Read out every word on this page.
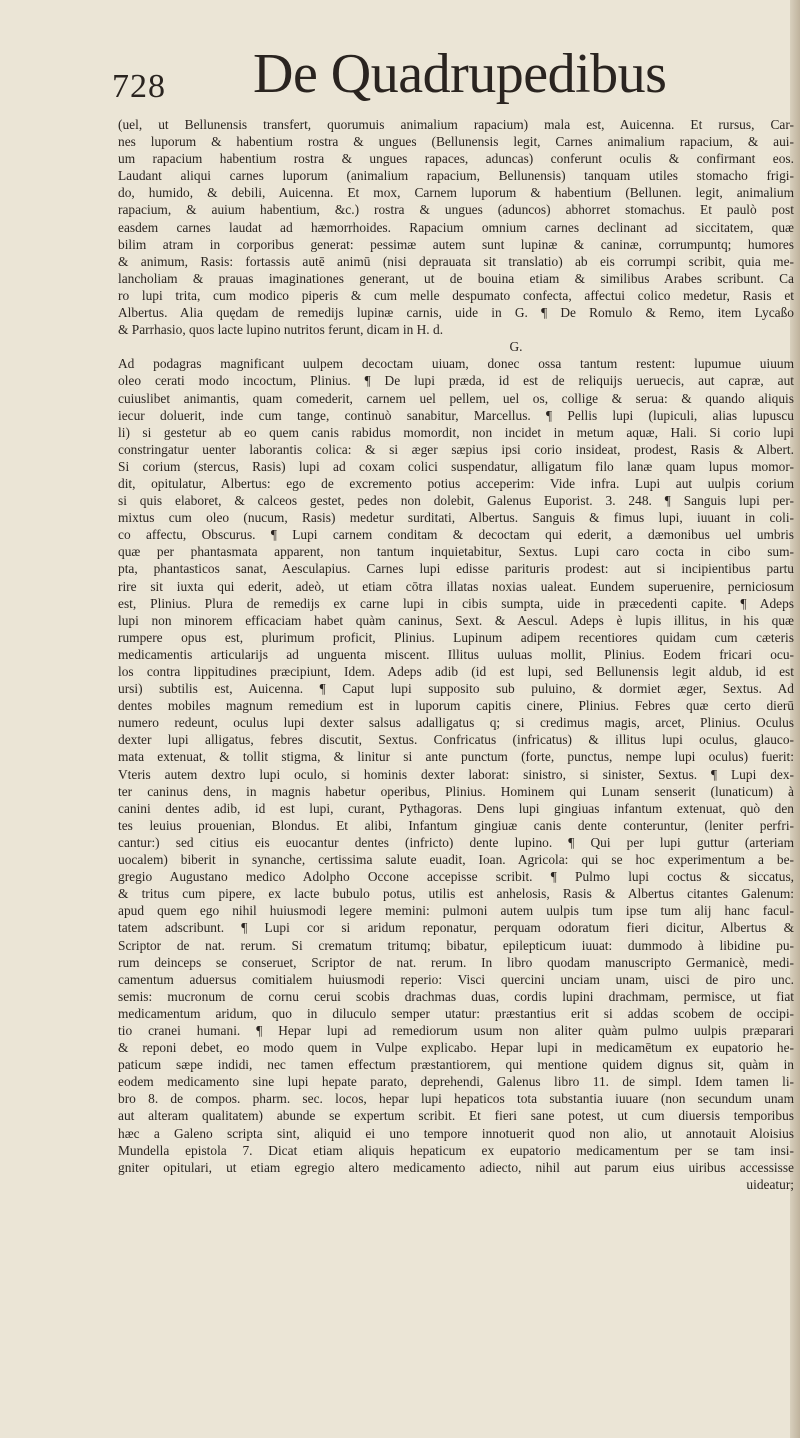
728 De Quadrupedibus
(uel, ut Bellunensis transfert, quorumuis animalium rapacium) mala est, Auicenna. Et rursus, Car-
nes luporum & habentium rostra & ungues (Bellunensis legit, Carnes animalium rapacium, & aui-
um rapacium habentium rostra & ungues rapaces, aduncas) conferunt oculis & confirmant eos.
Laudant aliqui carnes luporum (animalium rapacium, Bellunensis) tanquam utiles stomacho frigi-
do, humido, & debili, Auicenna. Et mox, Carnem luporum & habentium (Bellunen. legit, animalium
rapacium, & auium habentium, &c.) rostra & ungues (aduncos) abhorret stomachus. Et paulò post
easdem carnes laudat ad hæmorrhoides. Rapacium omnium carnes declinant ad siccitatem, quæ
bilim atram in corporibus generat: pessimæ autem sunt lupinæ & caninæ, corrumpuntq; humores
& animum, Rasis: fortassis autē animū (nisi deprauata sit translatio) ab eis corrumpi scribit, quia me-
lancholiam & prauas imaginationes generant, ut de bouina etiam & similibus Arabes scribunt. Ca
ro lupi trita, cum modico piperis & cum melle despumato confecta, affectui colico medetur, Rasis et
Albertus. Alia quędam de remedijs lupinæ carnis, uide in G. ¶ De Romulo & Remo, item Lycaßo
& Parrhasio, quos lacte lupino nutritos ferunt, dicam in H. d.
G.
Ad podagras magnificant uulpem decoctam uiuam, donec ossa tantum restent: lupumue uiuum
oleo cerati modo incoctum, Plinius. ¶ De lupi præda, id est de reliquijs ueruecis, aut capræ, aut
cuiuslibet animantis, quam comederit, carnem uel pellem, uel os, collige & serua: & quando aliquis
iecur doluerit, inde cum tange, continuò sanabitur, Marcellus. ¶ Pellis lupi (lupiculi, alias lupuscu
li) si gestetur ab eo quem canis rabidus momordit, non incidet in metum aquæ, Hali. Si corio lupi
constringatur uenter laborantis colica: & si æger sæpius ipsi corio insideat, prodest, Rasis & Albert.
Si corium (stercus, Rasis) lupi ad coxam colici suspendatur, alligatum filo lanæ quam lupus momor-
dit, opitulatur, Albertus: ego de excremento potius acceperim: Vide infra. Lupi aut uulpis corium
si quis elaboret, & calceos gestet, pedes non dolebit, Galenus Euporist. 3. 248. ¶ Sanguis lupi per-
mixtus cum oleo (nucum, Rasis) medetur surditati, Albertus. Sanguis & fimus lupi, iuuant in coli-
co affectu, Obscurus. ¶ Lupi carnem conditam & decoctam qui ederit, a dæmonibus uel umbris
quæ per phantasmata apparent, non tantum inquietabitur, Sextus. Lupi caro cocta in cibo sum-
pta, phantasticos sanat, Aesculapius. Carnes lupi edisse parituris prodest: aut si incipientibus partu
rire sit iuxta qui ederit, adeò, ut etiam cōtra illatas noxias ualeat. Eundem superuenire, perniciosum
est, Plinius. Plura de remedijs ex carne lupi in cibis sumpta, uide in præcedenti capite. ¶ Adeps
lupi non minorem efficaciam habet quàm caninus, Sext. & Aescul. Adeps è lupis illitus, in his quæ
rumpere opus est, plurimum proficit, Plinius. Lupinum adipem recentiores quidam cum cæteris
medicamentis articularijs ad unguenta miscent. Illitus uuluas mollit, Plinius. Eodem fricari ocu-
los contra lippitudines præcipiunt, Idem. Adeps adib (id est lupi, sed Bellunensis legit aldub, id est
ursi) subtilis est, Auicenna. ¶ Caput lupi supposito sub puluino, & dormiet æger, Sextus. Ad
dentes mobiles magnum remedium est in luporum capitis cinere, Plinius. Febres quæ certo dierū
numero redeunt, oculus lupi dexter salsus adalligatus q; si credimus magis, arcet, Plinius. Oculus
dexter lupi alligatus, febres discutit, Sextus. Confricatus (infricatus) & illitus lupi oculus, glauco-
mata extenuat, & tollit stigma, & linitur si ante punctum (forte, punctus, nempe lupi oculus) fuerit:
Vteris autem dextro lupi oculo, si hominis dexter laborat: sinistro, si sinister, Sextus. ¶ Lupi dex-
ter caninus dens, in magnis habetur operibus, Plinius. Hominem qui Lunam senserit (lunaticum) à
canini dentes adib, id est lupi, curant, Pythagoras. Dens lupi gingiuas infantum extenuat, quò den
tes leuius prouenian, Blondus. Et alibi, Infantum gingiuæ canis dente conteruntur, (leniter perfri-
cantur:) sed citius eis euocantur dentes (infricto) dente lupino. ¶ Qui per lupi guttur (arteriam
uocalem) biberit in synanche, certissima salute euadit, Ioan. Agricola: qui se hoc experimentum a be-
gregio Augustano medico Adolpho Occone accepisse scribit. ¶ Pulmo lupi coctus & siccatus,
& tritus cum pipere, ex lacte bubulo potus, utilis est anhelosis, Rasis & Albertus citantes Galenum:
apud quem ego nihil huiusmodi legere memini: pulmoni autem uulpis tum ipse tum alij hanc facul-
tatem adscribunt. ¶ Lupi cor si aridum reponatur, perquam odoratum fieri dicitur, Albertus &
Scriptor de nat. rerum. Si crematum tritumq; bibatur, epilepticum iuuat: dummodo à libidine pu-
rum deinceps se conseruet, Scriptor de nat. rerum. In libro quodam manuscripto Germanicè, medi-
camentum aduersus comitialem huiusmodi reperio: Visci quercini unciam unam, uisci de piro unc.
semis: mucronum de cornu cerui scobis drachmas duas, cordis lupini drachmam, permisce, ut fiat
medicamentum aridum, quo in diluculo semper utatur: præstantius erit si addas scobem de occipi-
tio cranei humani. ¶ Hepar lupi ad remediorum usum non aliter quàm pulmo uulpis præparari
& reponi debet, eo modo quem in Vulpe explicabo. Hepar lupi in medicamētum ex eupatorio he-
paticum sæpe indidi, nec tamen effectum præstantiorem, qui mentione quidem dignus sit, quàm in
eodem medicamento sine lupi hepate parato, deprehendi, Galenus libro 11. de simpl. Idem tamen li-
bro 8. de compos. pharm. sec. locos, hepar lupi hepaticos tota substantia iuuare (non secundum unam
aut alteram qualitatem) abunde se expertum scribit. Et fieri sane potest, ut cum diuersis temporibus
hæc a Galeno scripta sint, aliquid ei uno tempore innotuerit quod non alio, ut annotauit Aloisius
Mundella epistola 7. Dicat etiam aliquis hepaticum ex eupatorio medicamentum per se tam insi-
gniter opitulari, ut etiam egregio altero medicamento adiecto, nihil aut parum eius uiribus accessisse
uideatur;
